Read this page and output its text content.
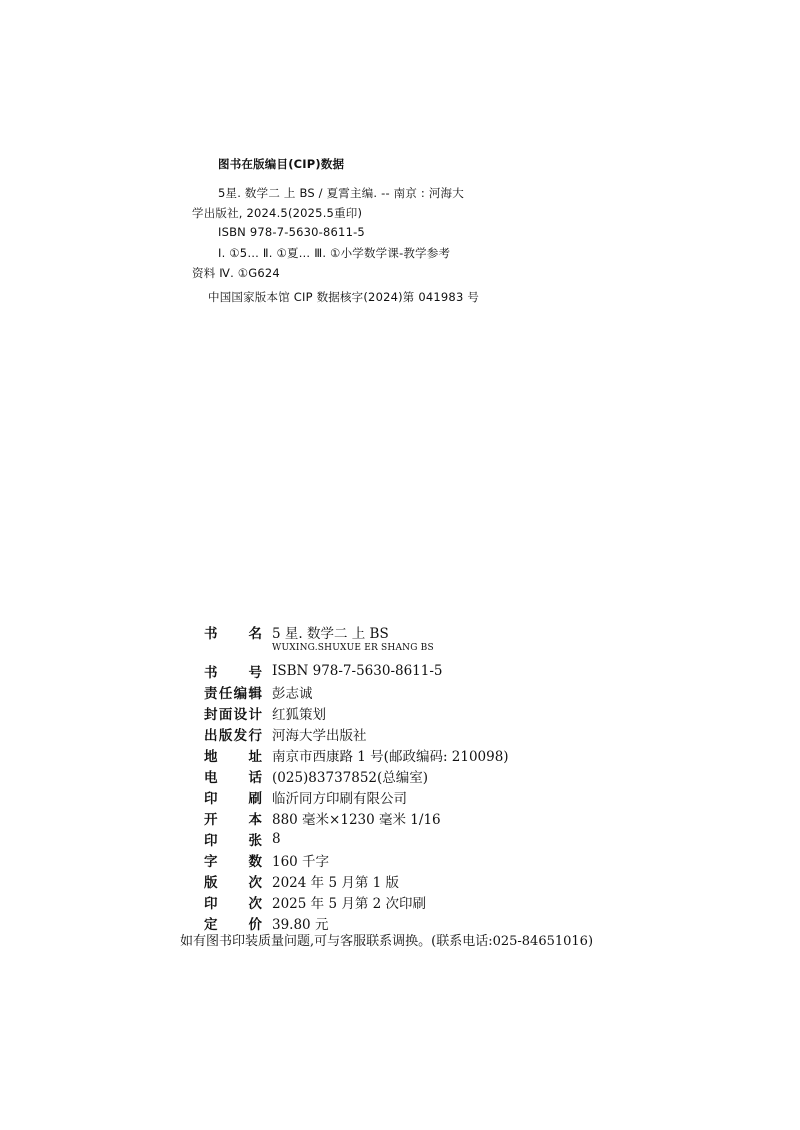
图书在版编目(CIP)数据
5星. 数学二 上 BS / 夏霄主编. -- 南京 : 河海大
学出版社, 2024.5(2025.5重印)
ISBN 978-7-5630-8611-5
Ⅰ. ①5… Ⅱ. ①夏… Ⅲ. ①小学数学课-教学参考
资料 Ⅳ. ①G624
中国国家版本馆 CIP 数据核字(2024)第 041983 号
书 名 5 星. 数学二 上 BS
WUXING.SHUXUE ER SHANG BS
书 号 ISBN 978-7-5630-8611-5
责 任 编 辑 彭志诚
封 面 设 计 红狐策划
出 版 发 行 河海大学出版社
地 址 南京市西康路 1 号(邮政编码: 210098)
电 话 (025)83737852(总编室)
印 刷 临沂同方印刷有限公司
开 本 880 毫米×1230 毫米 1/16
印 张 8
字 数 160 千字
版 次 2024 年 5 月第 1 版
印 次 2025 年 5 月第 2 次印刷
定 价 39.80 元
如有图书印装质量问题,可与客服联系调换。(联系电话:025-84651016)
